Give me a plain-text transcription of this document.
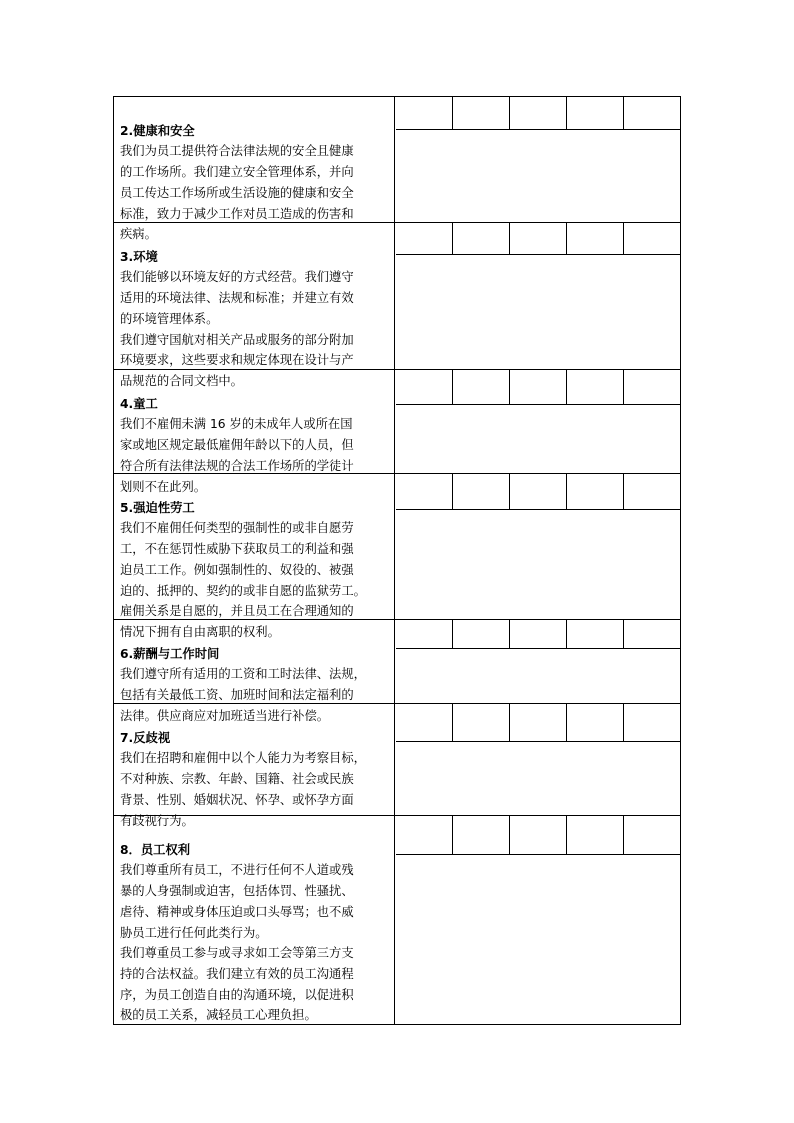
2.健康和安全
我们为员工提供符合法律法规的安全且健康
的工作场所。我们建立安全管理体系，并向
员工传达工作场所或生活设施的健康和安全
标准，致力于减少工作对员工造成的伤害和
疾病。

3.环境
我们能够以环境友好的方式经营。我们遵守
适用的环境法律、法规和标准；并建立有效
的环境管理体系。
我们遵守国航对相关产品或服务的部分附加
环境要求，这些要求和规定体现在设计与产
品规范的合同文档中。

4.童工
我们不雇佣未满 16 岁的未成年人或所在国
家或地区规定最低雇佣年龄以下的人员，但
符合所有法律法规的合法工作场所的学徒计
划则不在此列。

5.强迫性劳工
我们不雇佣任何类型的强制性的或非自愿劳
工，不在惩罚性威胁下获取员工的利益和强
迫员工工作。例如强制性的、奴役的、被强
迫的、抵押的、契约的或非自愿的监狱劳工。
雇佣关系是自愿的，并且员工在合理通知的
情况下拥有自由离职的权利。

6.薪酬与工作时间
我们遵守所有适用的工资和工时法律、法规，
包括有关最低工资、加班时间和法定福利的
法律。供应商应对加班适当进行补偿。

7.反歧视
我们在招聘和雇佣中以个人能力为考察目标，
不对种族、宗教、年龄、国籍、社会或民族
背景、性别、婚姻状况、怀孕、或怀孕方面
有歧视行为。

8．员工权利
我们尊重所有员工，不进行任何不人道或残
暴的人身强制或迫害，包括体罚、性骚扰、
虐待、精神或身体压迫或口头辱骂；也不威
胁员工进行任何此类行为。
我们尊重员工参与或寻求如工会等第三方支
持的合法权益。我们建立有效的员工沟通程
序，为员工创造自由的沟通环境，以促进积
极的员工关系，减轻员工心理负担。
